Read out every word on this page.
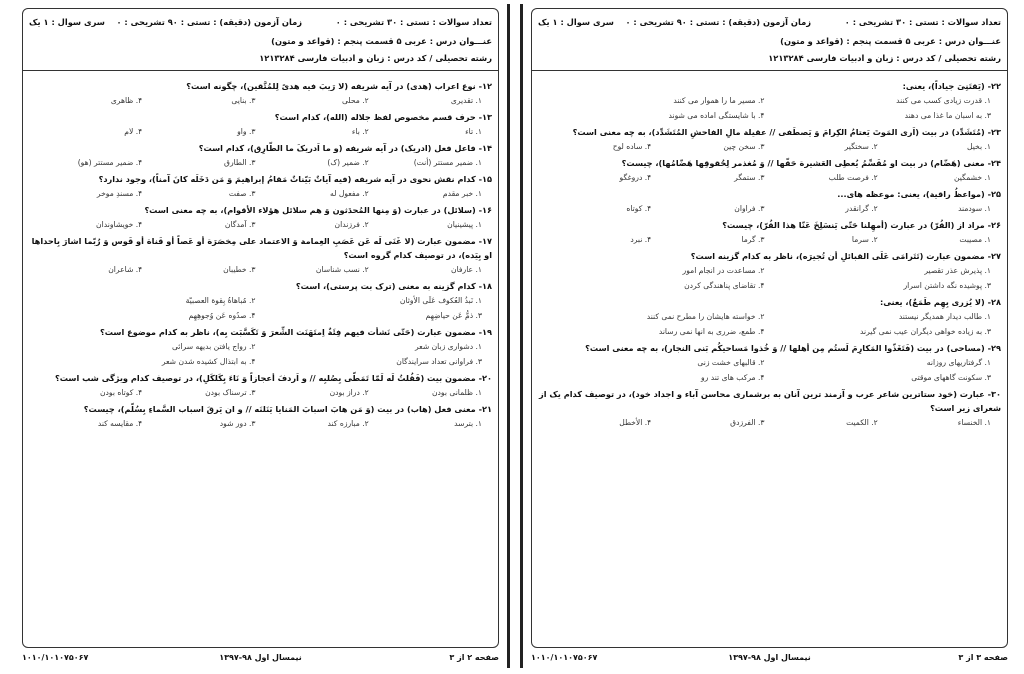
تعداد سوالات : تستی : ۳۰ تشریحی : ۰
زمان آزمون (دقیقه) : تستی : ۹۰ تشریحی : ۰
سری سوال : ۱ یک
عنـــوان درس : عربی ۵ قسمت پنجم : (قواعد و متون)
رشته تحصیلی / کد درس : زبان و ادبیات فارسی ۱۲۱۳۲۸۴
۱۲- نوع اعراب (هدی) در آیه شریفه (لا رَیبَ فیه هدیً لِلمُتَّقین)، چگونه است؟
۱. تقدیری
۲. محلی
۳. بنایی
۴. ظاهری
۱۳- حرف قسم مخصوص لفظ جلاله (الله)، کدام است؟
۱. تاء
۲. باء
۳. واو
۴. لام
۱۴- فاعل فعل (ادریک) در آیه شریفه (و ما اَدریکَ ما الطّارِق)، کدام است؟
۱. ضمیر مستتر (أنت)
۲. ضمیر (ک)
۳. الطارق
۴. ضمیر مستتر (هو)
۱۵- کدام نقش نحوی در آیه شریفه (فیه آیاتٌ بَیّناتٌ مَقامُ إبراهیمَ وَ مَن دَخَلَه کانَ آمناً)، وجود ندارد؟
۱. خبر مقدم
۲. مفعول له
۳. صفت
۴. مسندِ موخر
۱۶- (سلائل) در عبارت (وَ مِنها المُحدَثون وَ هم سلائل هؤلاء الأقوام)، به چه معنی است؟
۱. پیشینیان
۲. فرزندان
۳. آمدگان
۴. خویشاوندان
۱۷- مضمون عبارت (لا غَنَی لَه عَن عَصَبِ العِمامة وَ الاعتماد علی مِخصَرَة أو عَصاً أو قَناة أو قَوس وَ رُبّما اشارَ بِاحداها او بِيَده)، در توصیف کدام گروه است؟
۱. عارفان
۲. نسب شناسان
۳. خطیبان
۴. شاعران
۱۸- کدام گزینه به معنی (ترک بت پرستی)، است؟
۱. نَبذُ العُکوف عَلَی الأوثان
۲. مُباهاةُ بِقوة العصبيّة
۳. ذمُّ عَن حیاضِهِم
۴. صدُوه عَن وُجوهِهِم
۱۹- مضمون عبارت (حَتّی نَشأت فیهم فِئَةٌ اِمتَهَنَت الشِّعرَ وَ تَکَسَّبَت بِه)، ناظر به کدام موضوع است؟
۱. دشواری زبان شعر
۲. رواج یافتن بدیهه سرائی
۳. فراوانی تعداد سرایندگان
۴. به ابتذال کشیده شدن شعر
۲۰- مضمون بیت (فَقُلتُ لَه لَمّا تَمَطّی بِصُلبِه // و اَردفَ أعجازاً وَ نَاءَ بِکَلکَلِ)، در توصیف کدام ویژگی شب است؟
۱. ظلمانی بودن
۲. دراز بودن
۳. ترسناک بودن
۴. کوتاه بودن
۲۱- معنی فعل (هاب) در بیت (وَ مَن هابَ اسبابَ المَنایا یَنَلنَه // و ان یَرقَ اسباب السَّماءِ بِسُلّم)، چیست؟
۱. بترسد
۲. مبارزه کند
۳. دور شود
۴. مقایسه کند
صفحه ۲ از ۳
نیمسال اول ۹۸-۱۳۹۷
۱۰۱۰/۱۰۱۰۷۵۰۶۷
تعداد سوالات : تستی : ۳۰ تشریحی : ۰
زمان آزمون (دقیقه) : تستی : ۹۰ تشریحی : ۰
سری سوال : ۱ یک
عنـــوان درس : عربی ۵ قسمت پنجم : (قواعد و متون)
رشته تحصیلی / کد درس : زبان و ادبیات فارسی ۱۲۱۳۲۸۴
۲۲- (یَقتَنِیَ جیاداً)، یعنی:
۱. قدرت زیادی کسب می کنند
۲. مسیر ما را هموار می کنند
۳. به اسبان ما غذا می دهند
۴. با شایستگی اماده می شوند
۲۳- (مُتَشَدِّد) در بیت (اَری المَوتَ یَعتامُ الکِرامَ وَ یَصطَفی // عقیلة مالِ الفاحشِ المُتَشَدِّد)، به چه معنی است؟
۱. بخیل
۲. سختگیر
۳. سخن چین
۴. ساده لوح
۲۴- معنی (هَضّام) در بیت او مُقَسِّمُ یُعطِی العَشیرة حَقّها // وَ مُغذمر لِحُقوقِها هَضّامُها)، چیست؟
۱. خشمگین
۲. فرصت طلب
۳. ستمگر
۴. دروغگو
۲۵- (مواعظُ راقیة)، یعنی: موعظه های...
۱. سودمند
۲. گرانقدر
۳. فراوان
۴. کوتاه
۲۶- مراد از (القُرّ) در عبارت (أمهِلنا حَتّی یَنسَلِخَ عَنّا هذا القُرّ)، چیست؟
۱. مصیبت
۲. سرما
۳. گرما
۴. نبرد
۲۷- مضمون عبارت (تَتَرامَی عَلَی القبائلِ أن تُجیرَه)، ناظر به کدام گزینه است؟
۱. پذیرش عذر تقصیر
۲. مساعدت در انجام امور
۳. پوشیده نگه داشتن اسرار
۴. تقاضای پناهندگی کردن
۲۸- (لا یُزری بِهِم طَمَعٌ)، یعنی:
۱. طالب دیدار همدیگر نیستند
۲. خواسته هایشان را مطرح نمی کنند
۳. به زیاده خواهی دیگران عیب نمی گیرند
۴. طمع، ضرری به انها نمی رساند
۲۹- (مساحی) در بیت (فَتَغَذّوا المَکارِمَ لَستُم مِن أهلها // وَ خُذوا مَساحیکُم بَنی النجار)، به چه معنی است؟
۱. گرفتاریهای روزانه
۲. قالبهای خشت زنی
۳. سکونت گاههای موقتی
۴. مرکب های تند رو
۳۰- عبارت (خود ستاترین شاعر عرب و آزمند ترین آنان به برشماری محاسن آباء و اجداد خود)، در توصیف کدام یک از شعرای زیر است؟
۱. الخنساء
۲. الکمیت
۳. الفرزدق
۴. الأخطل
صفحه ۳ از ۳
نیمسال اول ۹۸-۱۳۹۷
۱۰۱۰/۱۰۱۰۷۵۰۶۷
